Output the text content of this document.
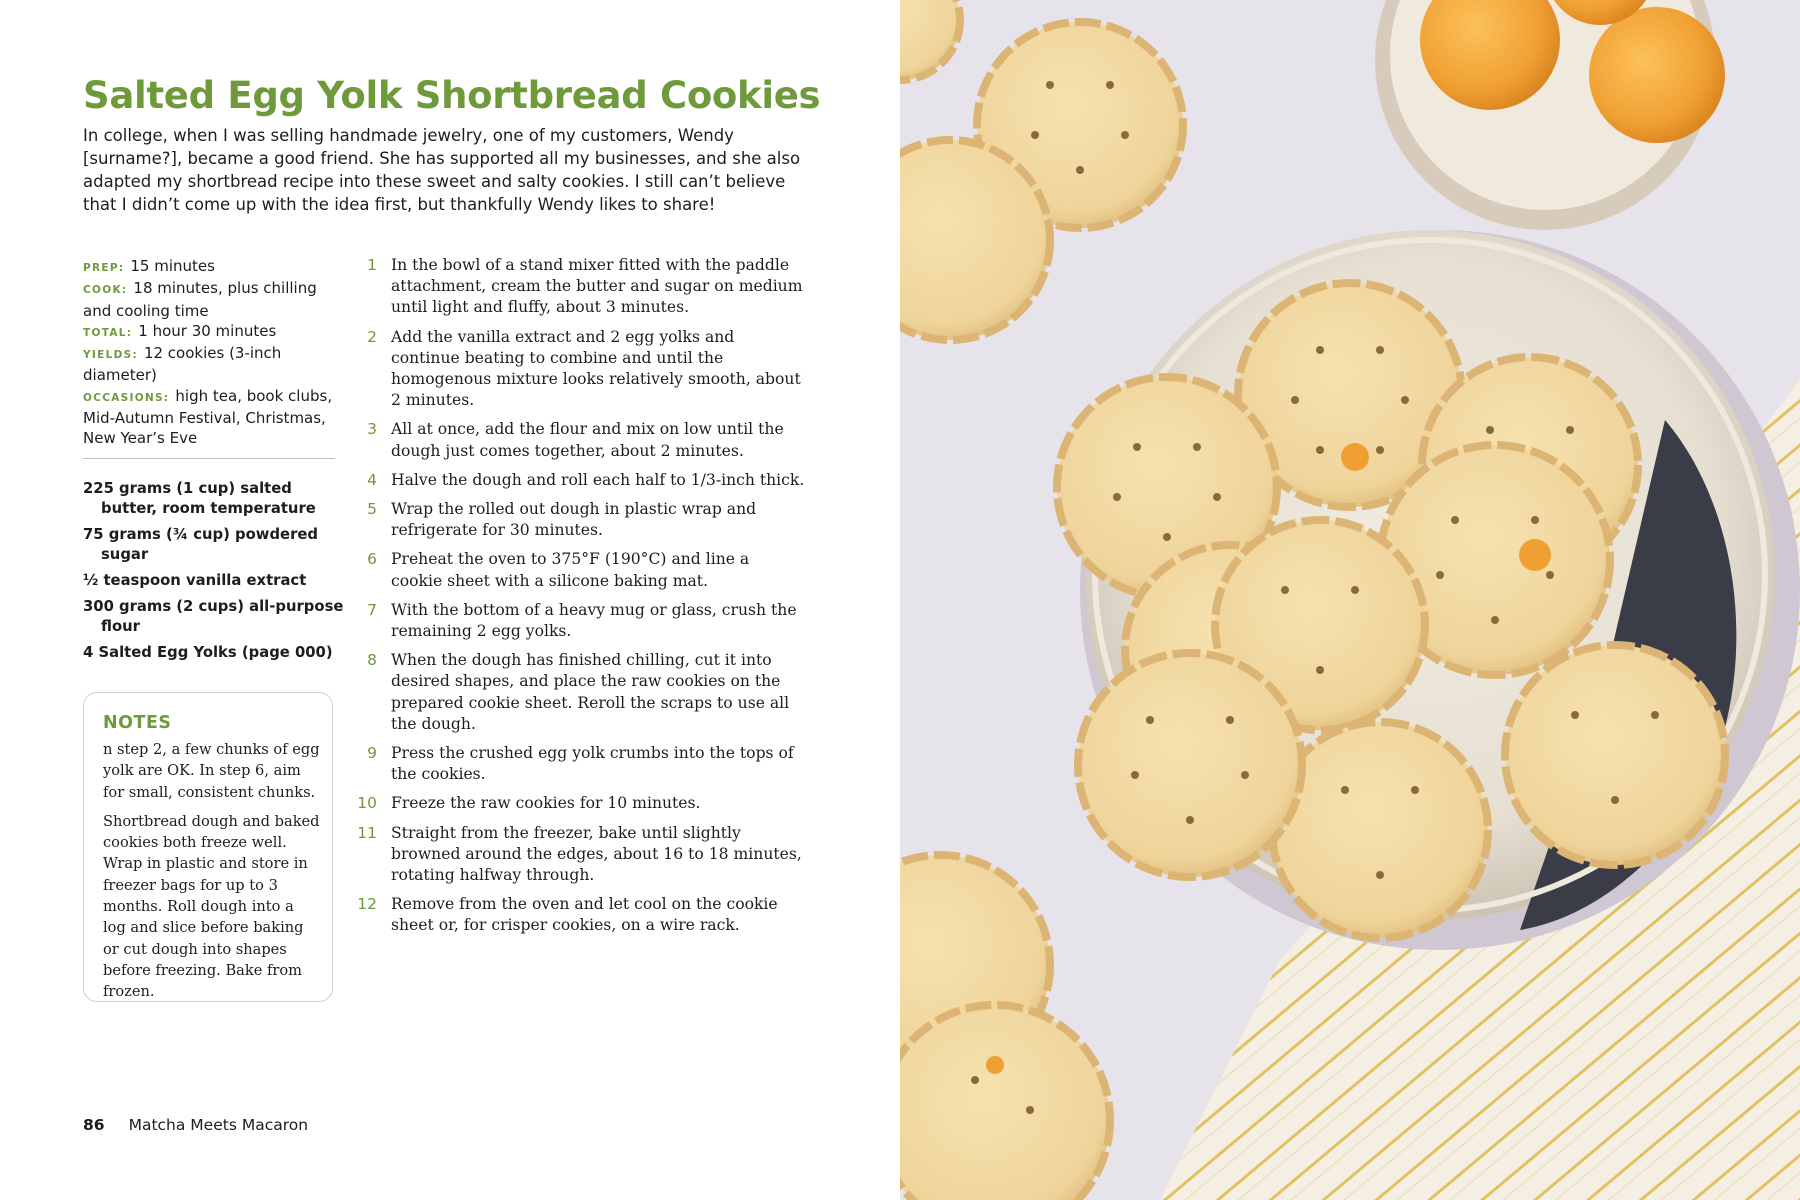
Salted Egg Yolk Shortbread Cookies

In college, when I was selling handmade jewelry, one of my customers, Wendy [surname?], became a good friend. She has supported all my businesses, and she also adapted my shortbread recipe into these sweet and salty cookies. I still can’t believe that I didn’t come up with the idea first, but thankfully Wendy likes to share!

PREP: 15 minutes
COOK: 18 minutes, plus chilling and cooling time
TOTAL: 1 hour 30 minutes
YIELDS: 12 cookies (3-inch diameter)
OCCASIONS: high tea, book clubs, Mid-Autumn Festival, Christmas, New Year’s Eve
225 grams (1 cup) salted butter, room temperature
75 grams (¾ cup) powdered sugar
½ teaspoon vanilla extract
300 grams (2 cups) all-purpose flour
4 Salted Egg Yolks (page 000)
NOTES

n step 2, a few chunks of egg yolk are OK. In step 6, aim for small, consistent chunks.

Shortbread dough and baked cookies both freeze well. Wrap in plastic and store in freezer bags for up to 3 months. Roll dough into a log and slice before baking or cut dough into shapes before freezing. Bake from frozen.

1 In the bowl of a stand mixer fitted with the paddle attachment, cream the butter and sugar on medium until light and fluffy, about 3 minutes.
2 Add the vanilla extract and 2 egg yolks and continue beating to combine and until the homogenous mixture looks relatively smooth, about 2 minutes.
3 All at once, add the flour and mix on low until the dough just comes together, about 2 minutes.
4 Halve the dough and roll each half to 1/3-inch thick.
5 Wrap the rolled out dough in plastic wrap and refrigerate for 30 minutes.
6 Preheat the oven to 375°F (190°C) and line a cookie sheet with a silicone baking mat.
7 With the bottom of a heavy mug or glass, crush the remaining 2 egg yolks.
8 When the dough has finished chilling, cut it into desired shapes, and place the raw cookies on the prepared cookie sheet. Reroll the scraps to use all the dough.
9 Press the crushed egg yolk crumbs into the tops of the cookies.
10 Freeze the raw cookies for 10 minutes.
11 Straight from the freezer, bake until slightly browned around the edges, about 16 to 18 minutes, rotating halfway through.
12 Remove from the oven and let cool on the cookie sheet or, for crisper cookies, on a wire rack.
86 Matcha Meets Macaron
